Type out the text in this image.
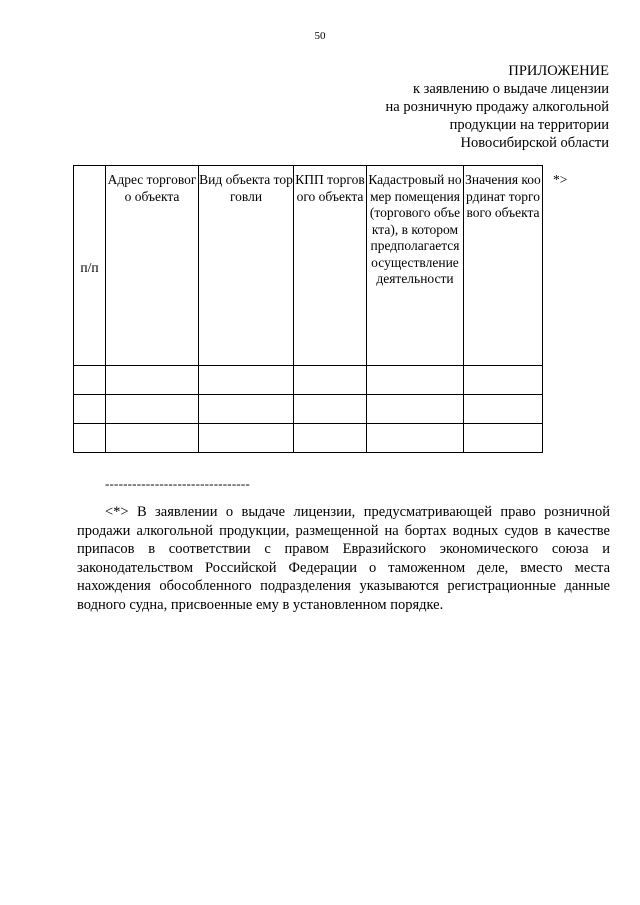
50
ПРИЛОЖЕНИЕ
к заявлению о выдаче лицензии
на розничную продажу алкогольной
продукции на территории
Новосибирской области
п/п	Адрес торгового объекта	Вид объекта торговли	КПП торгового объекта	Кадастровый номер помещения (торгового объекта), в котором предполагается осуществление деятельности	Значения координат торгового объекта	*>

--------------------------------
<*> В заявлении о выдаче лицензии, предусматривающей право розничной продажи алкогольной продукции, размещенной на бортах водных судов в качестве припасов в соответствии с правом Евразийского экономического союза и законодательством Российской Федерации о таможенном деле, вместо места нахождения обособленного подразделения указываются регистрационные данные водного судна, присвоенные ему в установленном порядке.
